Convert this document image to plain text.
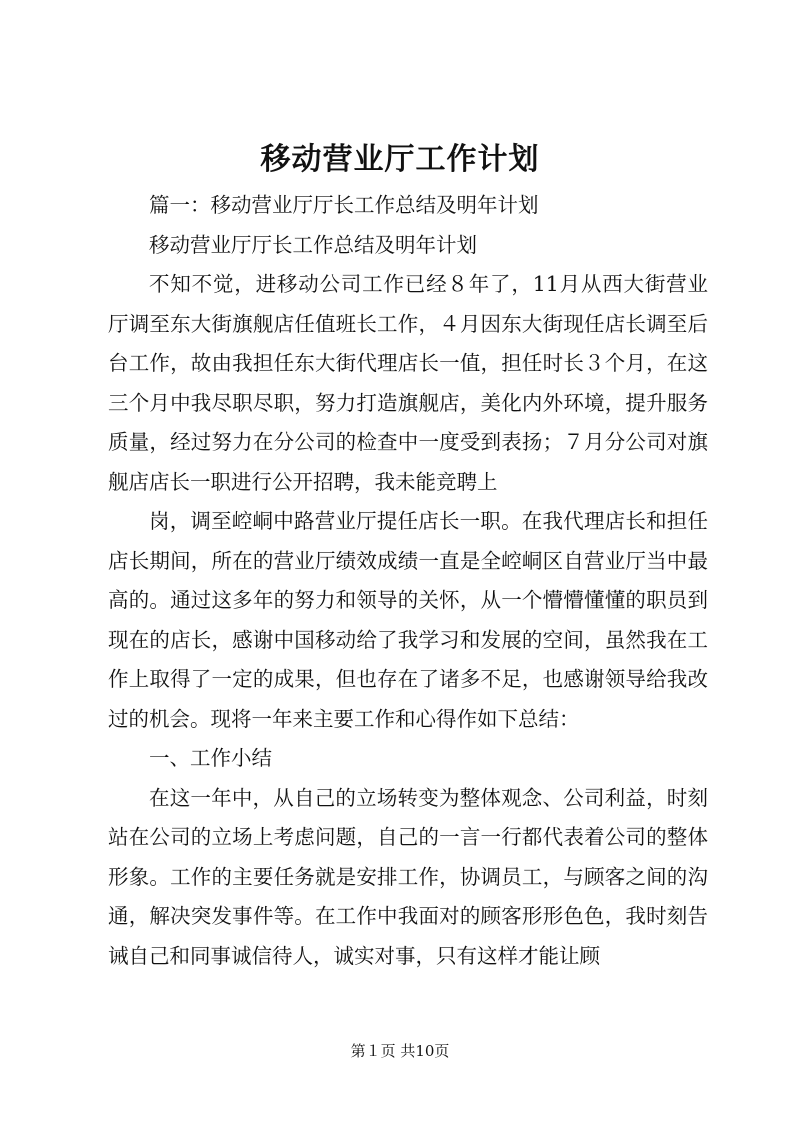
移动营业厅工作计划

篇一：移动营业厅厅长工作总结及明年计划

移动营业厅厅长工作总结及明年计划

不知不觉，进移动公司工作已经８年了，11月从西大街营业厅调至东大街旗舰店任值班长工作，４月因东大街现任店长调至后台工作，故由我担任东大街代理店长一值，担任时长３个月，在这三个月中我尽职尽职，努力打造旗舰店，美化内外环境，提升服务质量，经过努力在分公司的检查中一度受到表扬；７月分公司对旗舰店店长一职进行公开招聘，我未能竞聘上

岗，调至崆峒中路营业厅提任店长一职。在我代理店长和担任店长期间，所在的营业厅绩效成绩一直是全崆峒区自营业厅当中最高的。通过这多年的努力和领导的关怀，从一个懵懵懂懂的职员到现在的店长，感谢中国移动给了我学习和发展的空间，虽然我在工作上取得了一定的成果，但也存在了诸多不足，也感谢领导给我改过的机会。现将一年来主要工作和心得作如下总结：

一、工作小结

在这一年中，从自己的立场转变为整体观念、公司利益，时刻站在公司的立场上考虑问题，自己的一言一行都代表着公司的整体形象。工作的主要任务就是安排工作，协调员工，与顾客之间的沟通，解决突发事件等。在工作中我面对的顾客形形色色，我时刻告诫自己和同事诚信待人，诚实对事，只有这样才能让顾

第１页 共10页
